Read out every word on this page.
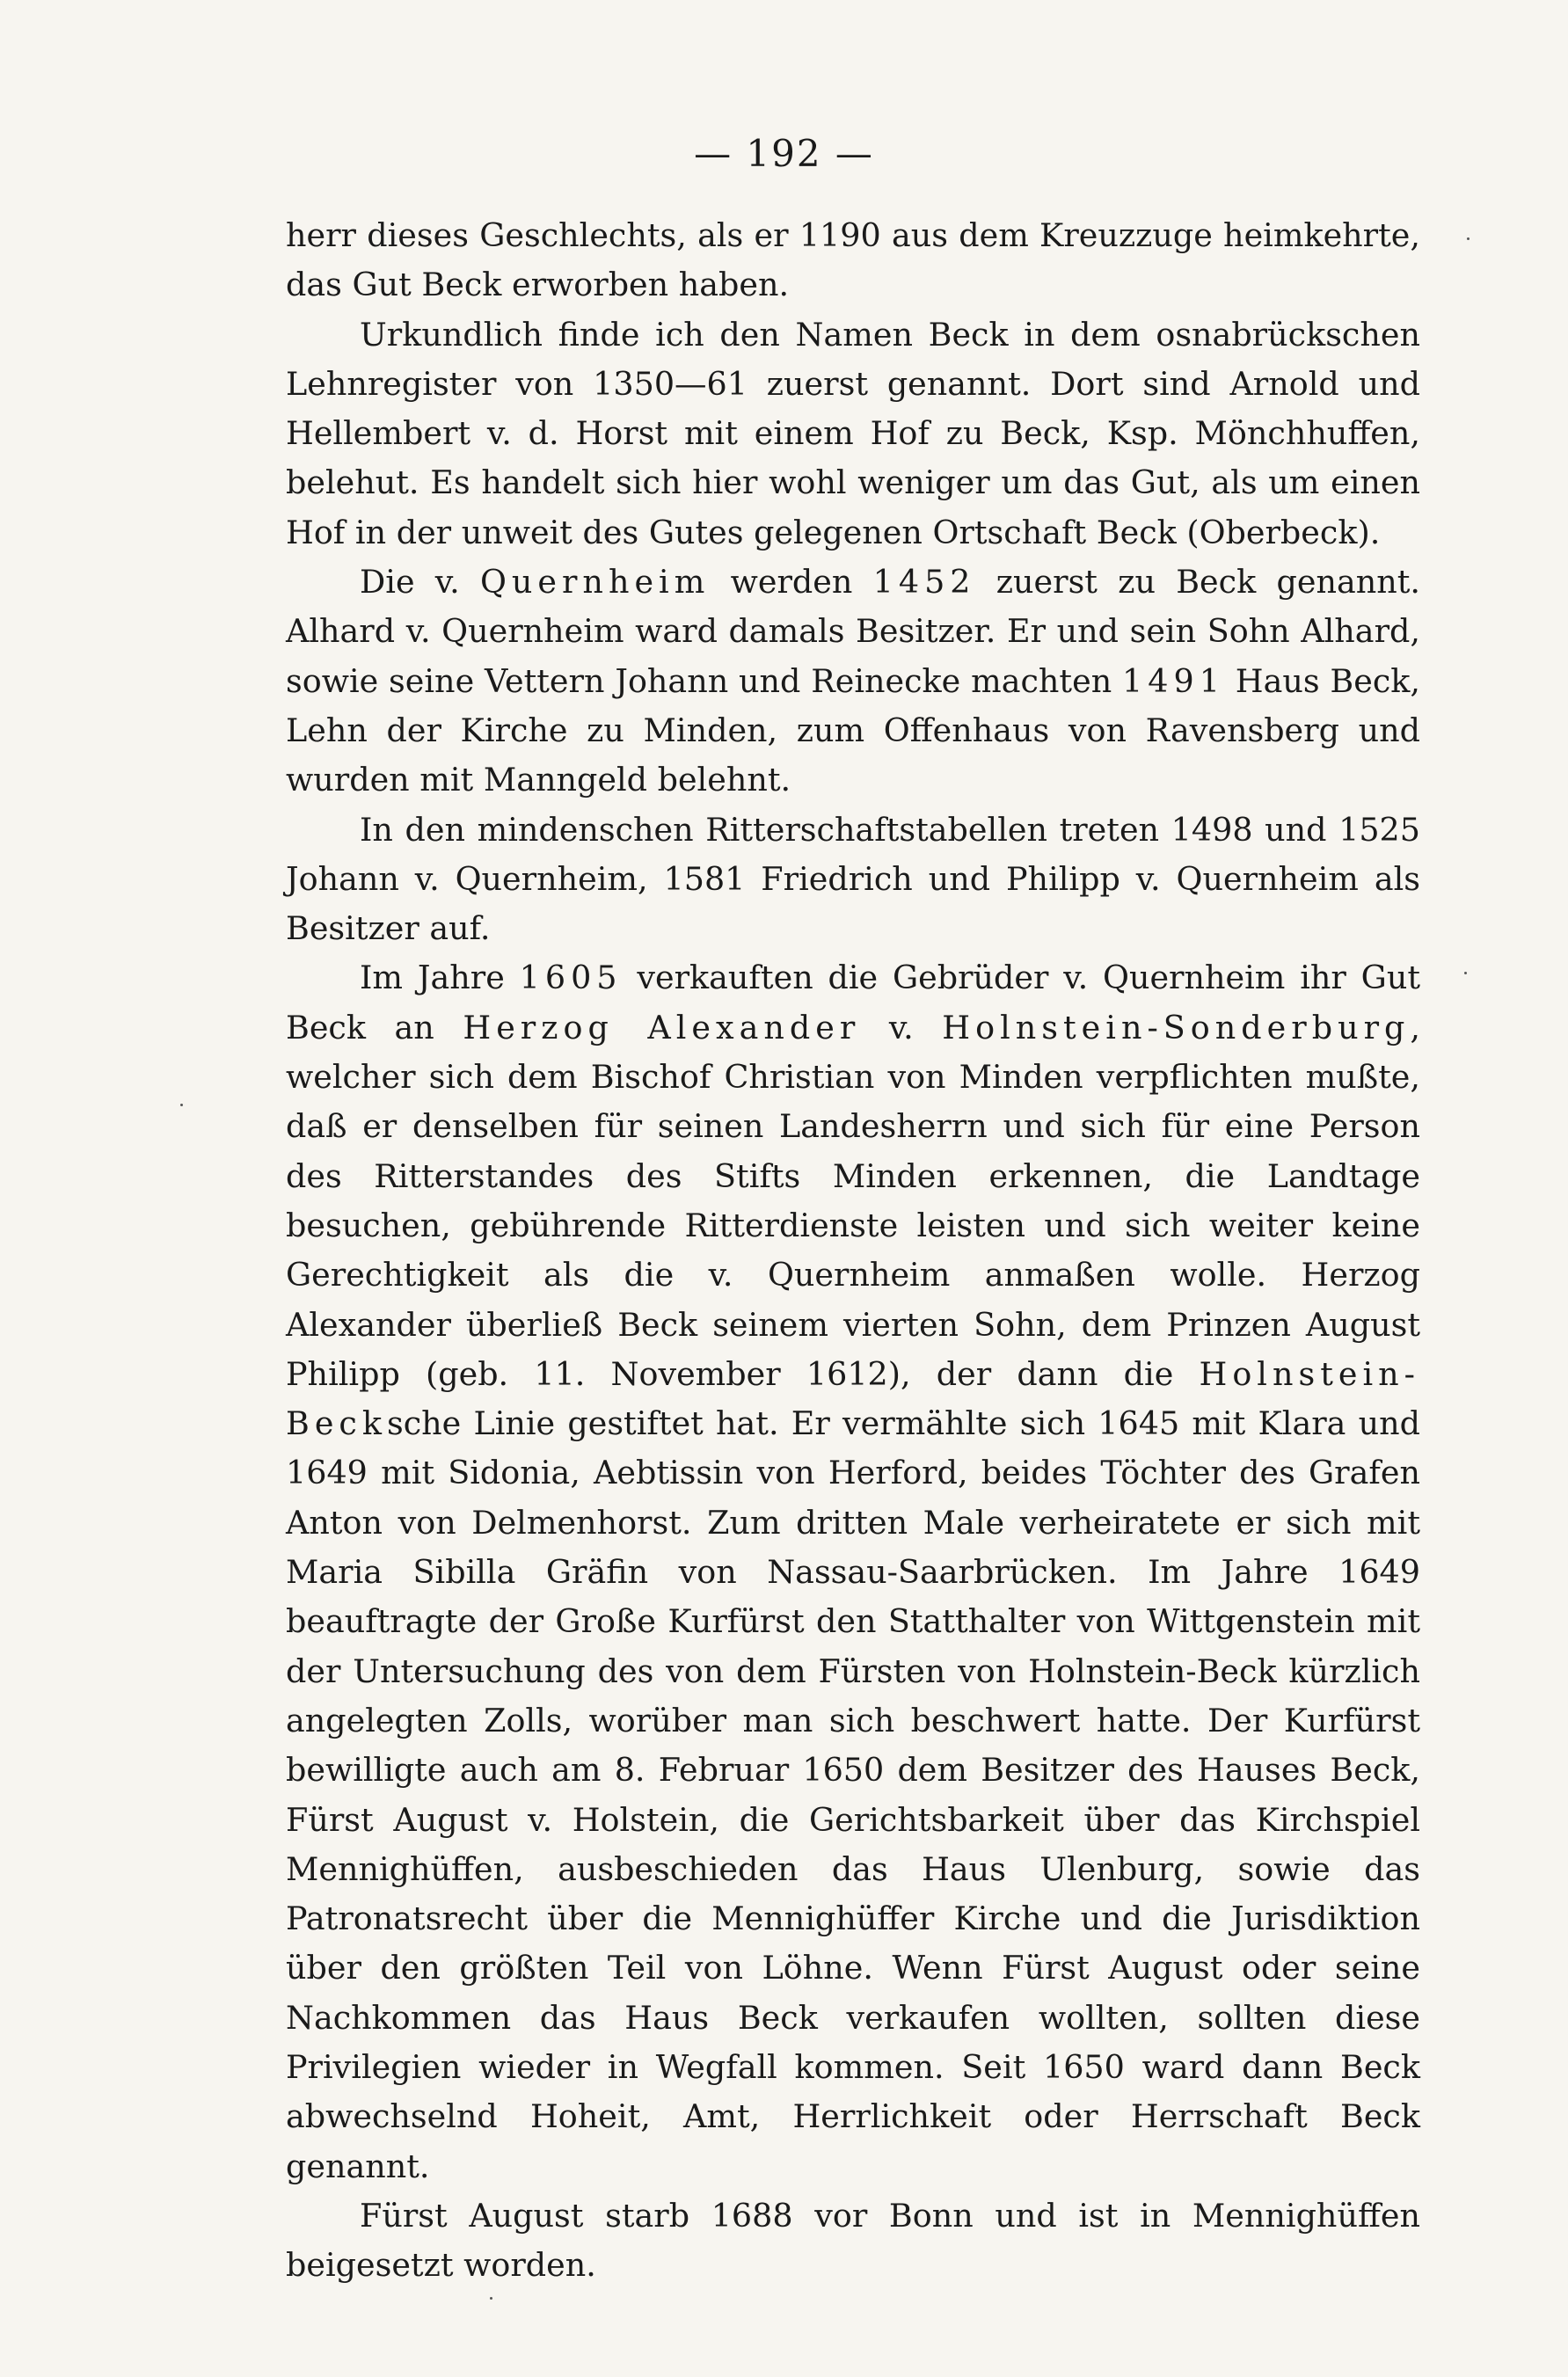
— 192 —

herr dieses Geschlechts, als er 1190 aus dem Kreuzzuge heimkehrte, das Gut Beck erworben haben.

Urkundlich finde ich den Namen Beck in dem osnabrückschen Lehnregister von 1350—61 zuerst genannt. Dort sind Arnold und Hellembert v. d. Horst mit einem Hof zu Beck, Ksp. Mönchhuffen, belehut. Es handelt sich hier wohl weniger um das Gut, als um einen Hof in der unweit des Gutes gelegenen Ortschaft Beck (Oberbeck).

Die v. Quernheim werden 1452 zuerst zu Beck genannt. Alhard v. Quernheim ward damals Besitzer. Er und sein Sohn Alhard, sowie seine Vettern Johann und Reinecke machten 1491 Haus Beck, Lehn der Kirche zu Minden, zum Offenhaus von Ravensberg und wurden mit Manngeld belehnt.

In den mindenschen Ritterschaftstabellen treten 1498 und 1525 Johann v. Quernheim, 1581 Friedrich und Philipp v. Quernheim als Besitzer auf.

Im Jahre 1605 verkauften die Gebrüder v. Quernheim ihr Gut Beck an Herzog Alexander v. Holnstein-Sonderburg, welcher sich dem Bischof Christian von Minden verpflichten mußte, daß er denselben für seinen Landesherrn und sich für eine Person des Ritterstandes des Stifts Minden erkennen, die Landtage besuchen, gebührende Ritterdienste leisten und sich weiter keine Gerechtigkeit als die v. Quernheim anmaßen wolle. Herzog Alexander überließ Beck seinem vierten Sohn, dem Prinzen August Philipp (geb. 11. November 1612), der dann die Holnstein-Becksche Linie gestiftet hat. Er vermählte sich 1645 mit Klara und 1649 mit Sidonia, Aebtissin von Herford, beides Töchter des Grafen Anton von Delmenhorst. Zum dritten Male verheiratete er sich mit Maria Sibilla Gräfin von Nassau-Saarbrücken. Im Jahre 1649 beauftragte der Große Kurfürst den Statthalter von Wittgenstein mit der Untersuchung des von dem Fürsten von Holnstein-Beck kürzlich angelegten Zolls, worüber man sich beschwert hatte. Der Kurfürst bewilligte auch am 8. Februar 1650 dem Besitzer des Hauses Beck, Fürst August v. Holstein, die Gerichtsbarkeit über das Kirchspiel Mennighüffen, ausbeschieden das Haus Ulenburg, sowie das Patronatsrecht über die Mennighüffer Kirche und die Jurisdiktion über den größten Teil von Löhne. Wenn Fürst August oder seine Nachkommen das Haus Beck verkaufen wollten, sollten diese Privilegien wieder in Wegfall kommen. Seit 1650 ward dann Beck abwechselnd Hoheit, Amt, Herrlichkeit oder Herrschaft Beck genannt.

Fürst August starb 1688 vor Bonn und ist in Mennighüffen beigesetzt worden.
